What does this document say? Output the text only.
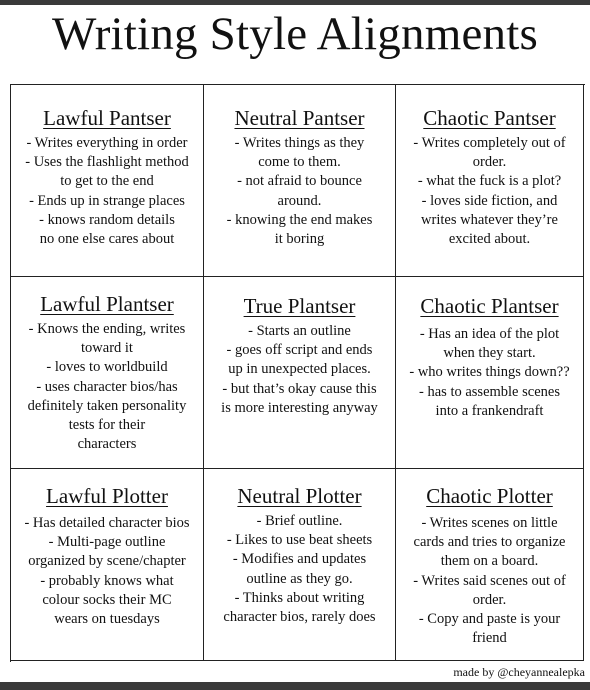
Writing Style Alignments
Lawful Pantser
- Writes everything in order
- Uses the flashlight method
to get to the end
- Ends up in strange places
- knows random details
no one else cares about
Neutral Pantser
- Writes things as they
come to them.
- not afraid to bounce
around.
- knowing the end makes
it boring
Chaotic Pantser
- Writes completely out of
order.
- what the fuck is a plot?
- loves side fiction, and
writes whatever they’re
excited about.
Lawful Plantser
- Knows the ending, writes
toward it
- loves to worldbuild
- uses character bios/has
definitely taken personality
tests for their
characters
True Plantser
- Starts an outline
- goes off script and ends
up in unexpected places.
- but that’s okay cause this
is more interesting anyway
Chaotic Plantser
- Has an idea of the plot
when they start.
- who writes things down??
- has to assemble scenes
into a frankendraft
Lawful Plotter
- Has detailed character bios
- Multi-page outline
organized by scene/chapter
- probably knows what
colour socks their MC
wears on tuesdays
Neutral Plotter
- Brief outline.
- Likes to use beat sheets
- Modifies and updates
outline as they go.
- Thinks about writing
character bios, rarely does
Chaotic Plotter
- Writes scenes on little
cards and tries to organize
them on a board.
- Writes said scenes out of
order.
- Copy and paste is your
friend
made by @cheyannealepka
